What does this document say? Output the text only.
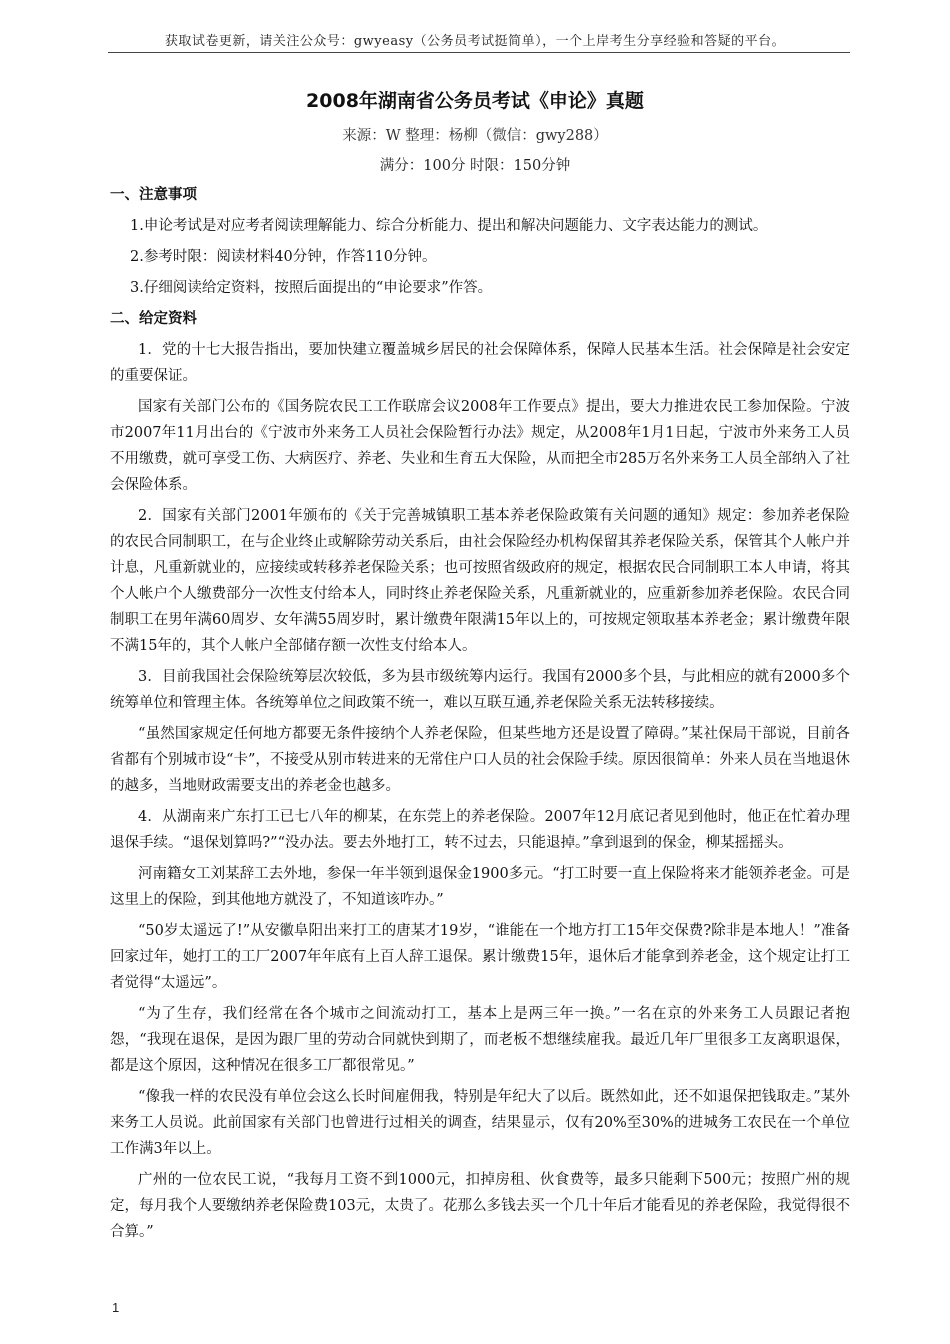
获取试卷更新，请关注公众号：gwyeasy（公务员考试挺简单），一个上岸考生分享经验和答疑的平台。
2008年湖南省公务员考试《申论》真题
来源：W 整理：杨柳（微信：gwy288）
满分：100分 时限：150分钟

一、注意事项

1.申论考试是对应考者阅读理解能力、综合分析能力、提出和解决问题能力、文字表达能力的测试。

2.参考时限：阅读材料40分钟，作答110分钟。

3.仔细阅读给定资料，按照后面提出的“申论要求”作答。

二、给定资料

1．党的十七大报告指出，要加快建立覆盖城乡居民的社会保障体系，保障人民基本生活。社会保障是社会安定的重要保证。

国家有关部门公布的《国务院农民工工作联席会议2008年工作要点》提出，要大力推进农民工参加保险。宁波市2007年11月出台的《宁波市外来务工人员社会保险暂行办法》规定，从2008年1月1日起，宁波市外来务工人员不用缴费，就可享受工伤、大病医疗、养老、失业和生育五大保险，从而把全市285万名外来务工人员全部纳入了社会保险体系。

2．国家有关部门2001年颁布的《关于完善城镇职工基本养老保险政策有关问题的通知》规定：参加养老保险的农民合同制职工，在与企业终止或解除劳动关系后，由社会保险经办机构保留其养老保险关系，保管其个人帐户并计息，凡重新就业的，应接续或转移养老保险关系；也可按照省级政府的规定，根据农民合同制职工本人申请，将其个人帐户个人缴费部分一次性支付给本人，同时终止养老保险关系，凡重新就业的，应重新参加养老保险。农民合同制职工在男年满60周岁、女年满55周岁时，累计缴费年限满15年以上的，可按规定领取基本养老金；累计缴费年限不满15年的，其个人帐户全部储存额一次性支付给本人。

3．目前我国社会保险统筹层次较低，多为县市级统筹内运行。我国有2000多个县，与此相应的就有2000多个统筹单位和管理主体。各统筹单位之间政策不统一，难以互联互通,养老保险关系无法转移接续。

“虽然国家规定任何地方都要无条件接纳个人养老保险，但某些地方还是设置了障碍。”某社保局干部说，目前各省都有个别城市设“卡”，不接受从别市转进来的无常住户口人员的社会保险手续。原因很简单：外来人员在当地退休的越多，当地财政需要支出的养老金也越多。

4．从湖南来广东打工已七八年的柳某，在东莞上的养老保险。2007年12月底记者见到他时，他正在忙着办理退保手续。“退保划算吗?”“没办法。要去外地打工，转不过去，只能退掉。”拿到退到的保金，柳某摇摇头。

河南籍女工刘某辞工去外地，参保一年半领到退保金1900多元。“打工时要一直上保险将来才能领养老金。可是这里上的保险，到其他地方就没了，不知道该咋办。”

“50岁太遥远了!”从安徽阜阳出来打工的唐某才19岁，“谁能在一个地方打工15年交保费?除非是本地人！”准备回家过年，她打工的工厂2007年年底有上百人辞工退保。累计缴费15年，退休后才能拿到养老金，这个规定让打工者觉得“太遥远”。

“为了生存，我们经常在各个城市之间流动打工，基本上是两三年一换。”一名在京的外来务工人员跟记者抱怨，“我现在退保，是因为跟厂里的劳动合同就快到期了，而老板不想继续雇我。最近几年厂里很多工友离职退保，都是这个原因，这种情况在很多工厂都很常见。”

“像我一样的农民没有单位会这么长时间雇佣我，特别是年纪大了以后。既然如此，还不如退保把钱取走。”某外来务工人员说。此前国家有关部门也曾进行过相关的调查，结果显示，仅有20%至30%的进城务工农民在一个单位工作满3年以上。

广州的一位农民工说，“我每月工资不到1000元，扣掉房租、伙食费等，最多只能剩下500元；按照广州的规定，每月我个人要缴纳养老保险费103元，太贵了。花那么多钱去买一个几十年后才能看见的养老保险，我觉得很不合算。”

1
